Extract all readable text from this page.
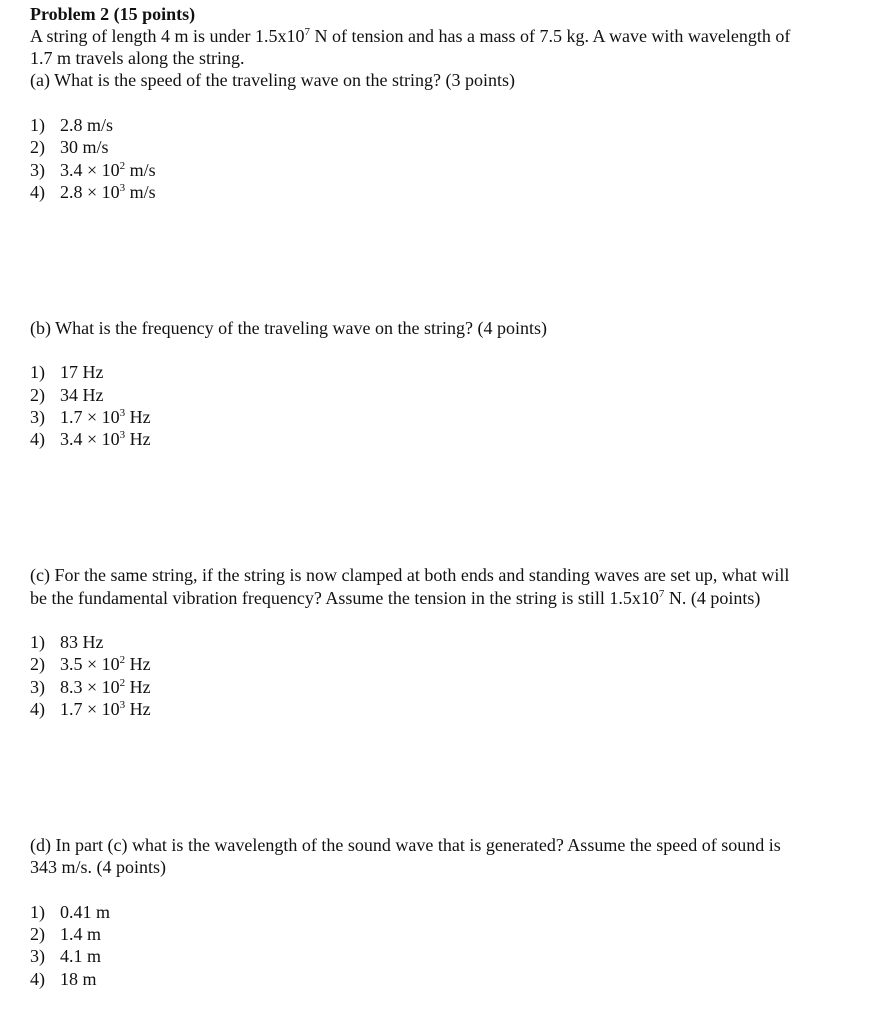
Problem 2 (15 points)
A string of length 4 m is under $1.5x10^7$ N of tension and has a mass of 7.5 kg. A wave with wavelength of
1.7 m travels along the string.
(a) What is the speed of the traveling wave on the string? (3 points)
1) 2.8 m/s
2) 30 m/s
3) $3.4 \times 10^2$ m/s
4) $2.8 \times 10^3$ m/s
(b) What is the frequency of the traveling wave on the string? (4 points)
1) 17 Hz
2) 34 Hz
3) $1.7 \times 10^3$ Hz
4) $3.4 \times 10^3$ Hz
(c) For the same string, if the string is now clamped at both ends and standing waves are set up, what will
be the fundamental vibration frequency? Assume the tension in the string is still $1.5x10^7$ N. (4 points)
1) 83 Hz
2) $3.5 \times 10^2$ Hz
3) $8.3 \times 10^2$ Hz
4) $1.7 \times 10^3$ Hz
(d) In part (c) what is the wavelength of the sound wave that is generated? Assume the speed of sound is
343 m/s. (4 points)
1) 0.41 m
2) 1.4 m
3) 4.1 m
4) 18 m
